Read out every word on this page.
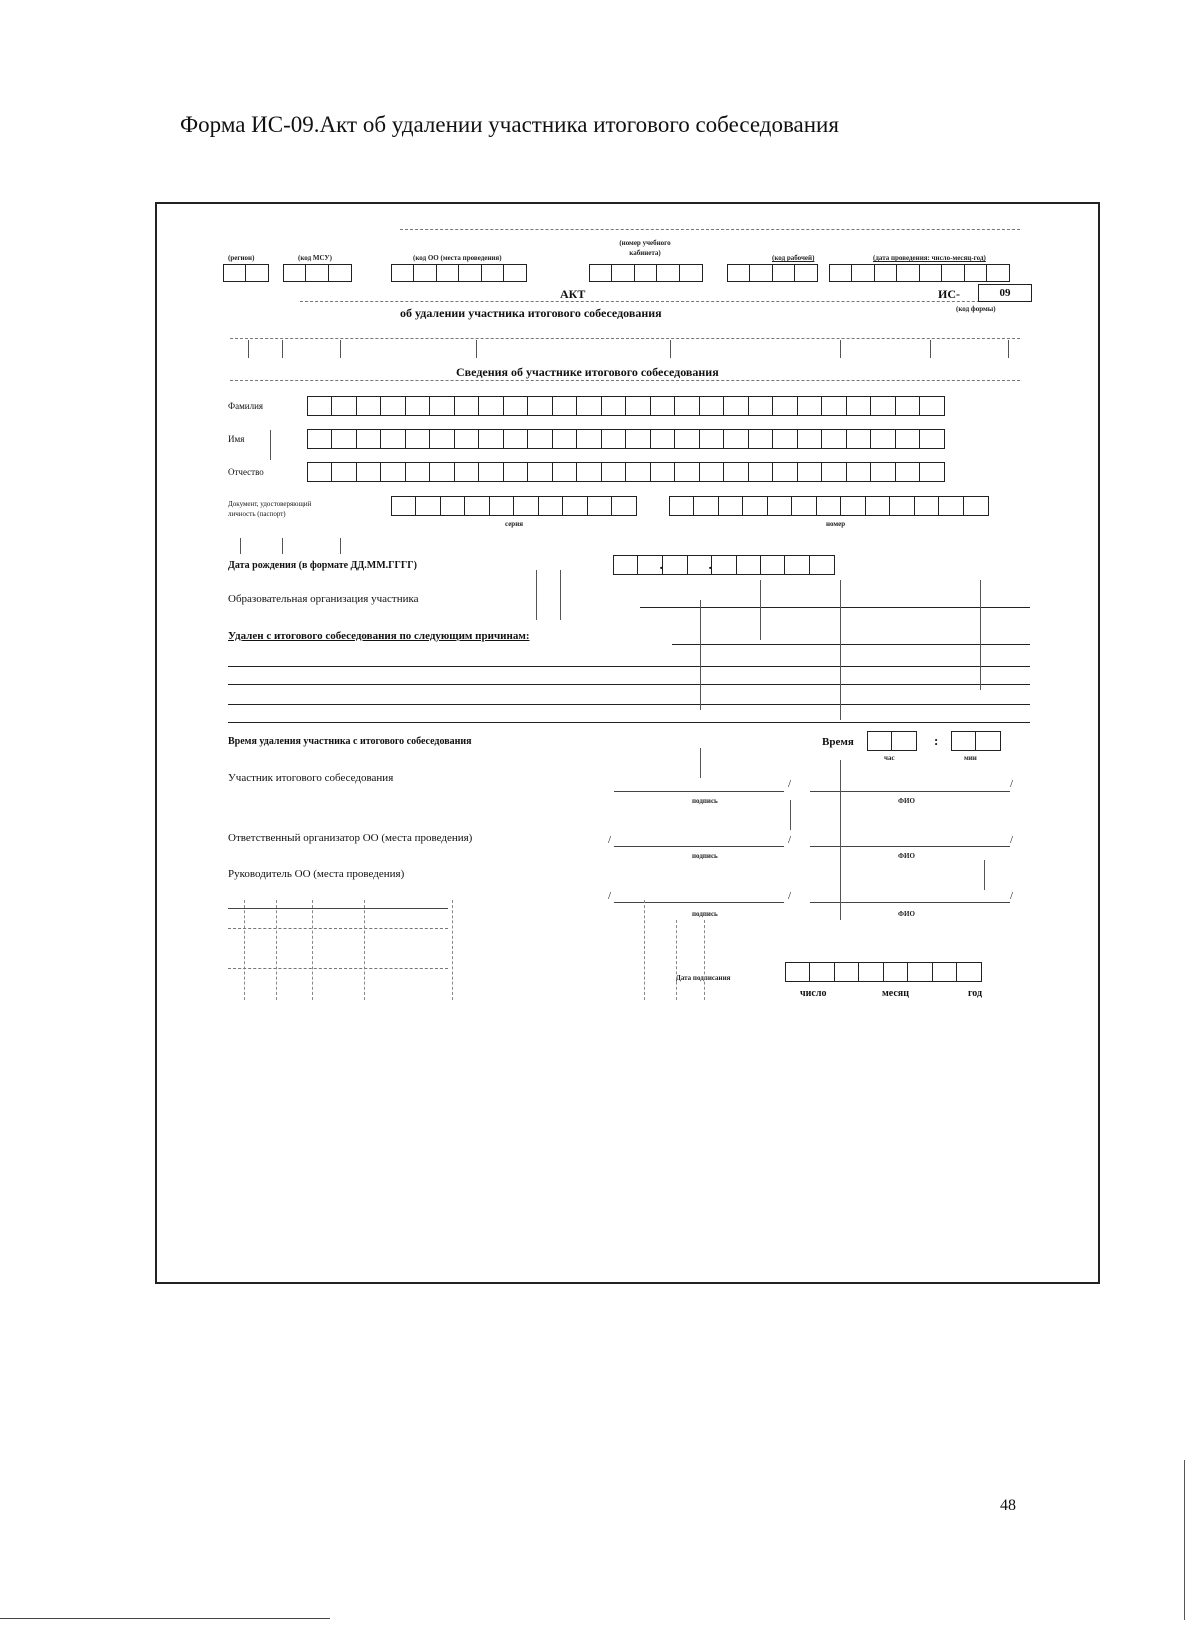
Форма ИС-09.Акт об удалении участника итогового собеседования
(регион)	(код МСУ)	(код ОО (места проведения)
(номер учебного кабинета)
(код рабочей)	(дата проведения: число-месяц-год)
АКТ
об удалении участника итогового собеседования
ИС-	09
(код формы)
Сведения об участнике итогового собеседования
Фамилия
Имя
Отчество
Документ, удостоверяющий
личность (паспорт)
серия	номер
Дата рождения (в формате ДД.ММ.ГГГГ)
.
.
Образовательная организация участника
Удален с итогового собеседования по следующим причинам:
Время удаления участника с итогового собеседования	Время	:
час	мин
Участник итогового собеседования	/	/
подпись	ФИО
Ответственный организатор ОО (места проведения)	/	/	/
подпись	ФИО
Руководитель ОО (места проведения)
/	/	/
подпись	ФИО
Дата подписания
число	месяц	год
48
